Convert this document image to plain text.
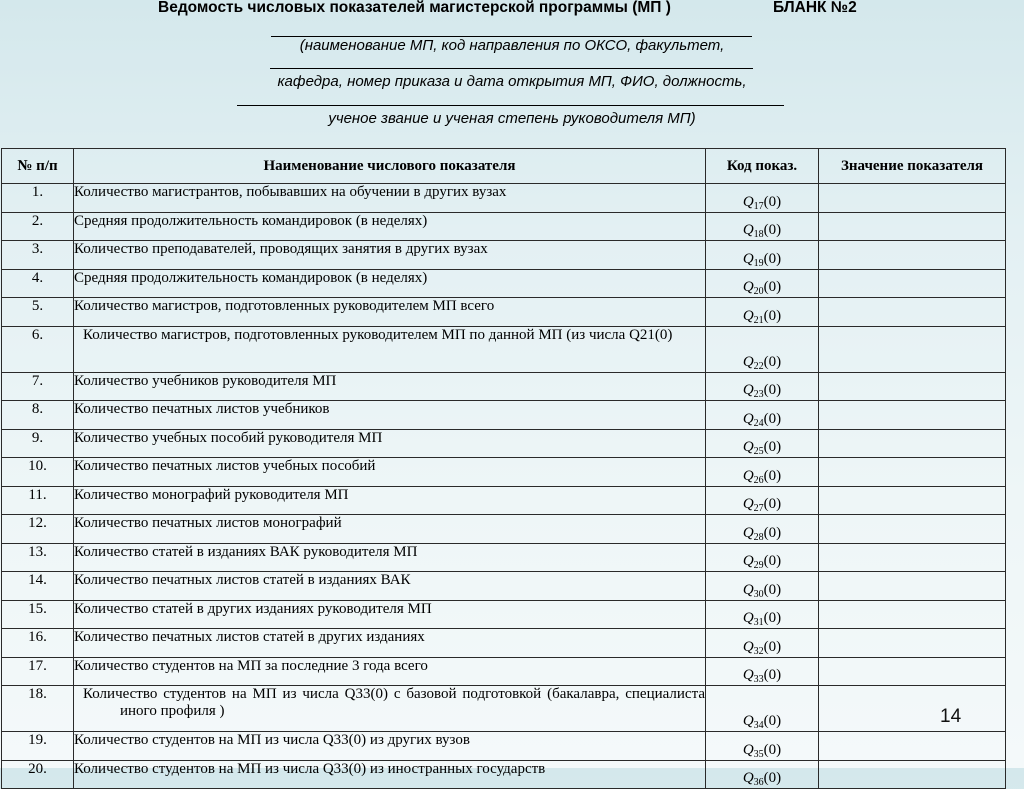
Ведомость числовых показателей магистерской программы (МП )	БЛАНК №2
(наименование МП, код направления по ОКСО, факультет,
кафедра, номер приказа и дата открытия МП, ФИО, должность,
ученое звание и ученая степень руководителя МП)
№ п/п	Наименование числового показателя	Код показ.	Значение показателя
1.	Количество магистрантов, побывавших на обучении в других вузах	$Q_{17}(0)$	
2.	Средняя продолжительность командировок (в неделях)	$Q_{18}(0)$	
3.	Количество преподавателей, проводящих занятия в других вузах	$Q_{19}(0)$	
4.	Средняя продолжительность командировок (в неделях)	$Q_{20}(0)$	
5.	Количество магистров, подготовленных руководителем МП всего	$Q_{21}(0)$	
6.	Количество магистров, подготовленных руководителем МП по данной МП (из числа Q21(0)	$Q_{22}(0)$	
7.	Количество учебников руководителя МП	$Q_{23}(0)$	
8.	Количество печатных листов учебников	$Q_{24}(0)$	
9.	Количество учебных пособий руководителя МП	$Q_{25}(0)$	
10.	Количество печатных листов учебных пособий	$Q_{26}(0)$	
11.	Количество монографий руководителя МП	$Q_{27}(0)$	
12.	Количество печатных листов монографий	$Q_{28}(0)$	
13.	Количество статей в изданиях ВАК руководителя МП	$Q_{29}(0)$	
14.	Количество печатных листов статей в изданиях ВАК	$Q_{30}(0)$	
15.	Количество статей в других изданиях руководителя МП	$Q_{31}(0)$	
16.	Количество печатных листов статей в других изданиях	$Q_{32}(0)$	
17.	Количество студентов на МП за последние 3 года всего	$Q_{33}(0)$	
18.	Количество студентов на МП из числа Q33(0) с базовой подготовкой (бакалавра, специалиста иного профиля )	$Q_{34}(0)$	
19.	Количество студентов на МП из числа Q33(0) из других вузов	$Q_{35}(0)$	
20.	Количество студентов на МП из числа Q33(0) из иностранных государств	$Q_{36}(0)$	
14
